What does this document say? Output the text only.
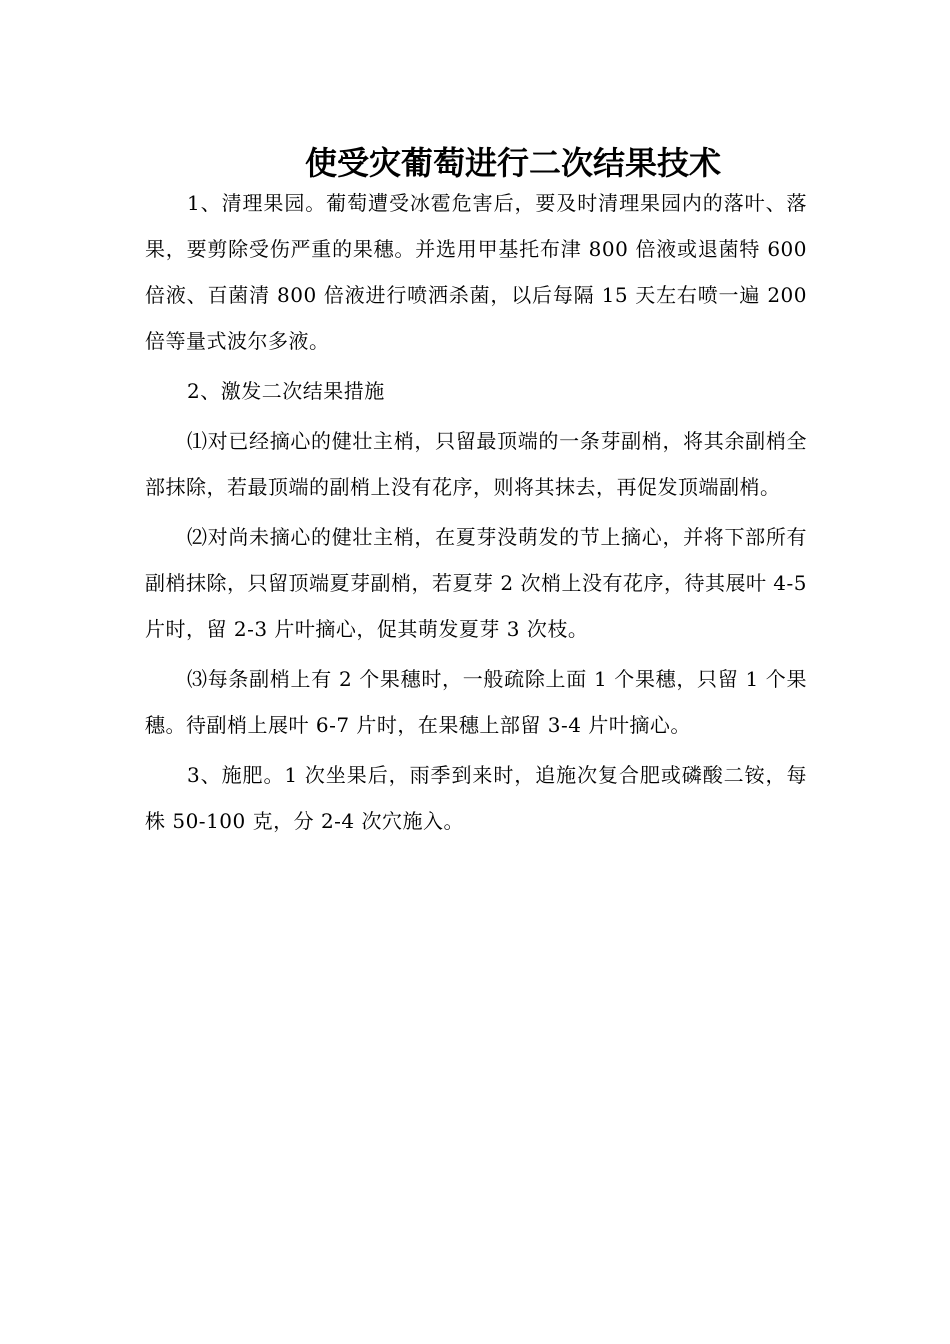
使受灾葡萄进行二次结果技术

1、清理果园。葡萄遭受冰雹危害后，要及时清理果园内的落叶、落果，要剪除受伤严重的果穗。并选用甲基托布津 800 倍液或退菌特 600 倍液、百菌清 800 倍液进行喷洒杀菌，以后每隔 15 天左右喷一遍 200 倍等量式波尔多液。

2、激发二次结果措施

⑴对已经摘心的健壮主梢，只留最顶端的一条芽副梢，将其余副梢全部抹除，若最顶端的副梢上没有花序，则将其抹去，再促发顶端副梢。

⑵对尚未摘心的健壮主梢，在夏芽没萌发的节上摘心，并将下部所有副梢抹除，只留顶端夏芽副梢，若夏芽 2 次梢上没有花序，待其展叶 4-5 片时，留 2-3 片叶摘心，促其萌发夏芽 3 次枝。

⑶每条副梢上有 2 个果穗时，一般疏除上面 1 个果穗，只留 1 个果穗。待副梢上展叶 6-7 片时，在果穗上部留 3-4 片叶摘心。

3、施肥。1 次坐果后，雨季到来时，追施次复合肥或磷酸二铵，每株 50-100 克，分 2-4 次穴施入。
